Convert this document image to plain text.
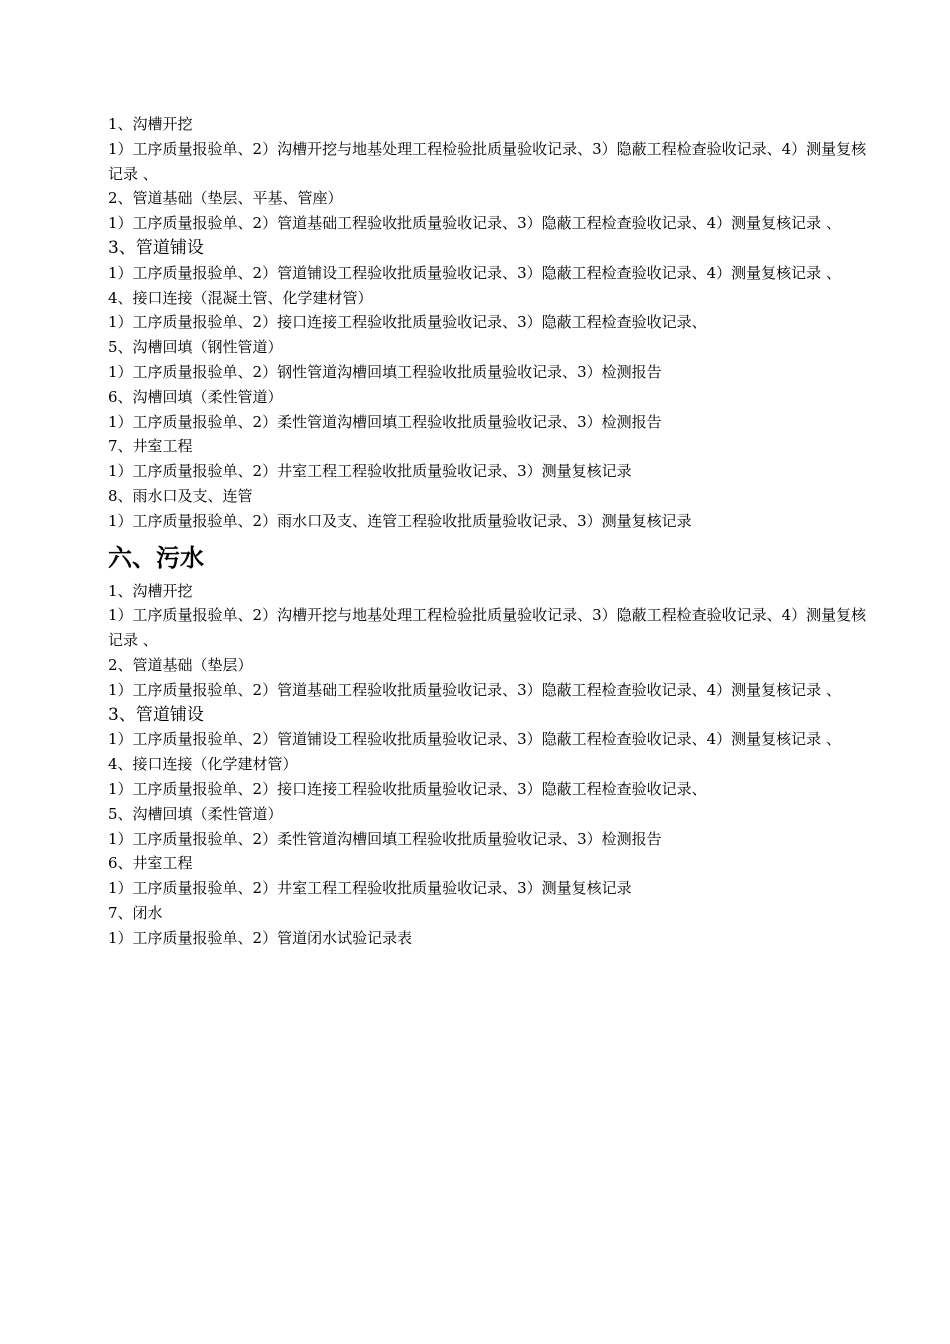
1、沟槽开挖
1）工序质量报验单、2）沟槽开挖与地基处理工程检验批质量验收记录、3）隐蔽工程检查验收记录、4）测量复核记录 、
2、管道基础（垫层、平基、管座）
1）工序质量报验单、2）管道基础工程验收批质量验收记录、3）隐蔽工程检查验收记录、4）测量复核记录 、
3、管道铺设
1）工序质量报验单、2）管道铺设工程验收批质量验收记录、3）隐蔽工程检查验收记录、4）测量复核记录 、
4、接口连接（混凝土管、化学建材管）
1）工序质量报验单、2）接口连接工程验收批质量验收记录、3）隐蔽工程检查验收记录、
5、沟槽回填（钢性管道）
1）工序质量报验单、2）钢性管道沟槽回填工程验收批质量验收记录、3）检测报告
6、沟槽回填（柔性管道）
1）工序质量报验单、2）柔性管道沟槽回填工程验收批质量验收记录、3）检测报告
7、井室工程
1）工序质量报验单、2）井室工程工程验收批质量验收记录、3）测量复核记录
8、雨水口及支、连管
1）工序质量报验单、2）雨水口及支、连管工程验收批质量验收记录、3）测量复核记录
六、污水
1、沟槽开挖
1）工序质量报验单、2）沟槽开挖与地基处理工程检验批质量验收记录、3）隐蔽工程检查验收记录、4）测量复核记录 、
2、管道基础（垫层）
1）工序质量报验单、2）管道基础工程验收批质量验收记录、3）隐蔽工程检查验收记录、4）测量复核记录 、
3、管道铺设
1）工序质量报验单、2）管道铺设工程验收批质量验收记录、3）隐蔽工程检查验收记录、4）测量复核记录 、
4、接口连接（化学建材管）
1）工序质量报验单、2）接口连接工程验收批质量验收记录、3）隐蔽工程检查验收记录、
5、沟槽回填（柔性管道）
1）工序质量报验单、2）柔性管道沟槽回填工程验收批质量验收记录、3）检测报告
6、井室工程
1）工序质量报验单、2）井室工程工程验收批质量验收记录、3）测量复核记录
7、闭水
1）工序质量报验单、2）管道闭水试验记录表
